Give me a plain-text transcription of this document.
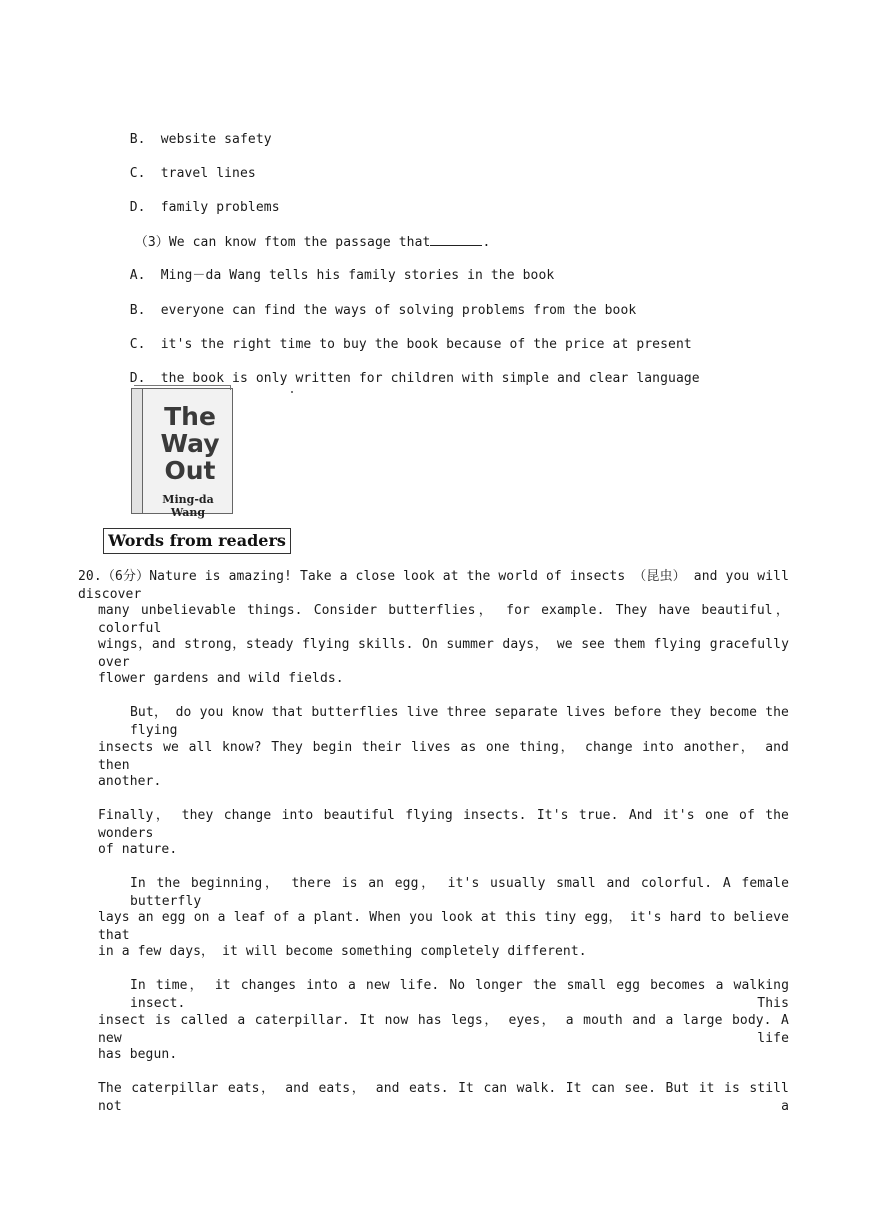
B. website safety

C. travel lines

D. family problems

（3）We can know ftom the passage that	.

A. Ming－da Wang tells his family stories in the book

B. everyone can find the ways of solving problems from the book

C. it's the right time to buy the book because of the price at present

D. the book is only written for children with simple and clear language

The
Way
Out
Ming-da Wang
Words from readers
20.（6分）Nature is amazing! Take a close look at the world of insects （昆虫） and you will discover
many unbelievable things. Consider butterflies， for example. They have beautiful， colorful
wings，and strong，steady flying skills. On summer days， we see them flying gracefully over
flower gardens and wild fields.
But， do you know that butterflies live three separate lives before they become the flying
insects we all know? They begin their lives as one thing， change into another， and then
another.
Finally， they change into beautiful flying insects. It's true. And it's one of the wonders
of nature.
In the beginning， there is an egg， it's usually small and colorful. A female butterfly
lays an egg on a leaf of a plant. When you look at this tiny egg， it's hard to believe that
in a few days， it will become something completely different.
In time， it changes into a new life. No longer the small egg becomes a walking insect. This
insect is called a caterpillar. It now has legs， eyes， a mouth and a large body. A new life
has begun.
The caterpillar eats， and eats， and eats. It can walk. It can see. But it is still not a
